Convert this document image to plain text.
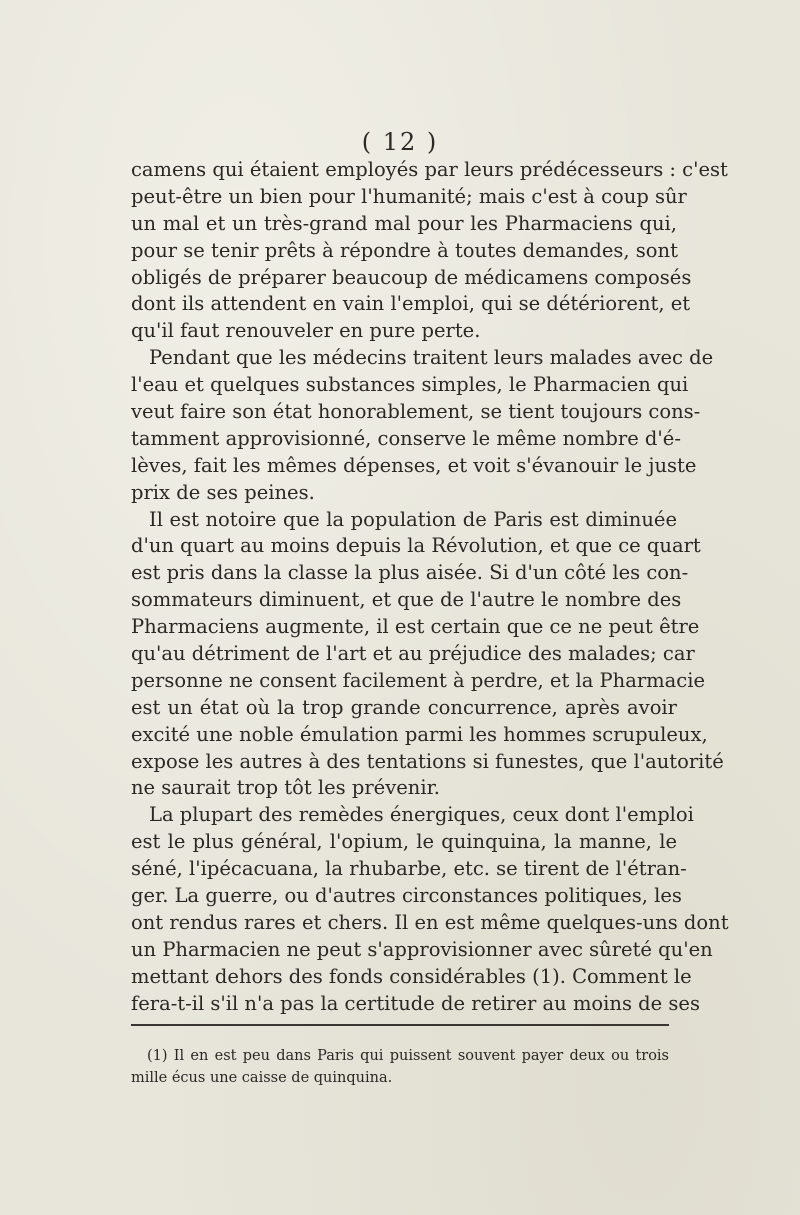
( 12 )
camens qui étaient employés par leurs prédécesseurs : c'est
peut-être un bien pour l'humanité; mais c'est à coup sûr
un mal et un très-grand mal pour les Pharmaciens qui,
pour se tenir prêts à répondre à toutes demandes, sont
obligés de préparer beaucoup de médicamens composés
dont ils attendent en vain l'emploi, qui se détériorent, et
qu'il faut renouveler en pure perte.
Pendant que les médecins traitent leurs malades avec de
l'eau et quelques substances simples, le Pharmacien qui
veut faire son état honorablement, se tient toujours cons-
tamment approvisionné, conserve le même nombre d'é-
lèves, fait les mêmes dépenses, et voit s'évanouir le juste
prix de ses peines.
Il est notoire que la population de Paris est diminuée
d'un quart au moins depuis la Révolution, et que ce quart
est pris dans la classe la plus aisée. Si d'un côté les con-
sommateurs diminuent, et que de l'autre le nombre des
Pharmaciens augmente, il est certain que ce ne peut être
qu'au détriment de l'art et au préjudice des malades; car
personne ne consent facilement à perdre, et la Pharmacie
est un état où la trop grande concurrence, après avoir
excité une noble émulation parmi les hommes scrupuleux,
expose les autres à des tentations si funestes, que l'autorité
ne saurait trop tôt les prévenir.
La plupart des remèdes énergiques, ceux dont l'emploi
est le plus général, l'opium, le quinquina, la manne, le
séné, l'ipécacuana, la rhubarbe, etc. se tirent de l'étran-
ger. La guerre, ou d'autres circonstances politiques, les
ont rendus rares et chers. Il en est même quelques-uns dont
un Pharmacien ne peut s'approvisionner avec sûreté qu'en
mettant dehors des fonds considérables (1). Comment le
fera-t-il s'il n'a pas la certitude de retirer au moins de ses
(1) Il en est peu dans Paris qui puissent souvent payer deux ou trois
mille écus une caisse de quinquina.
